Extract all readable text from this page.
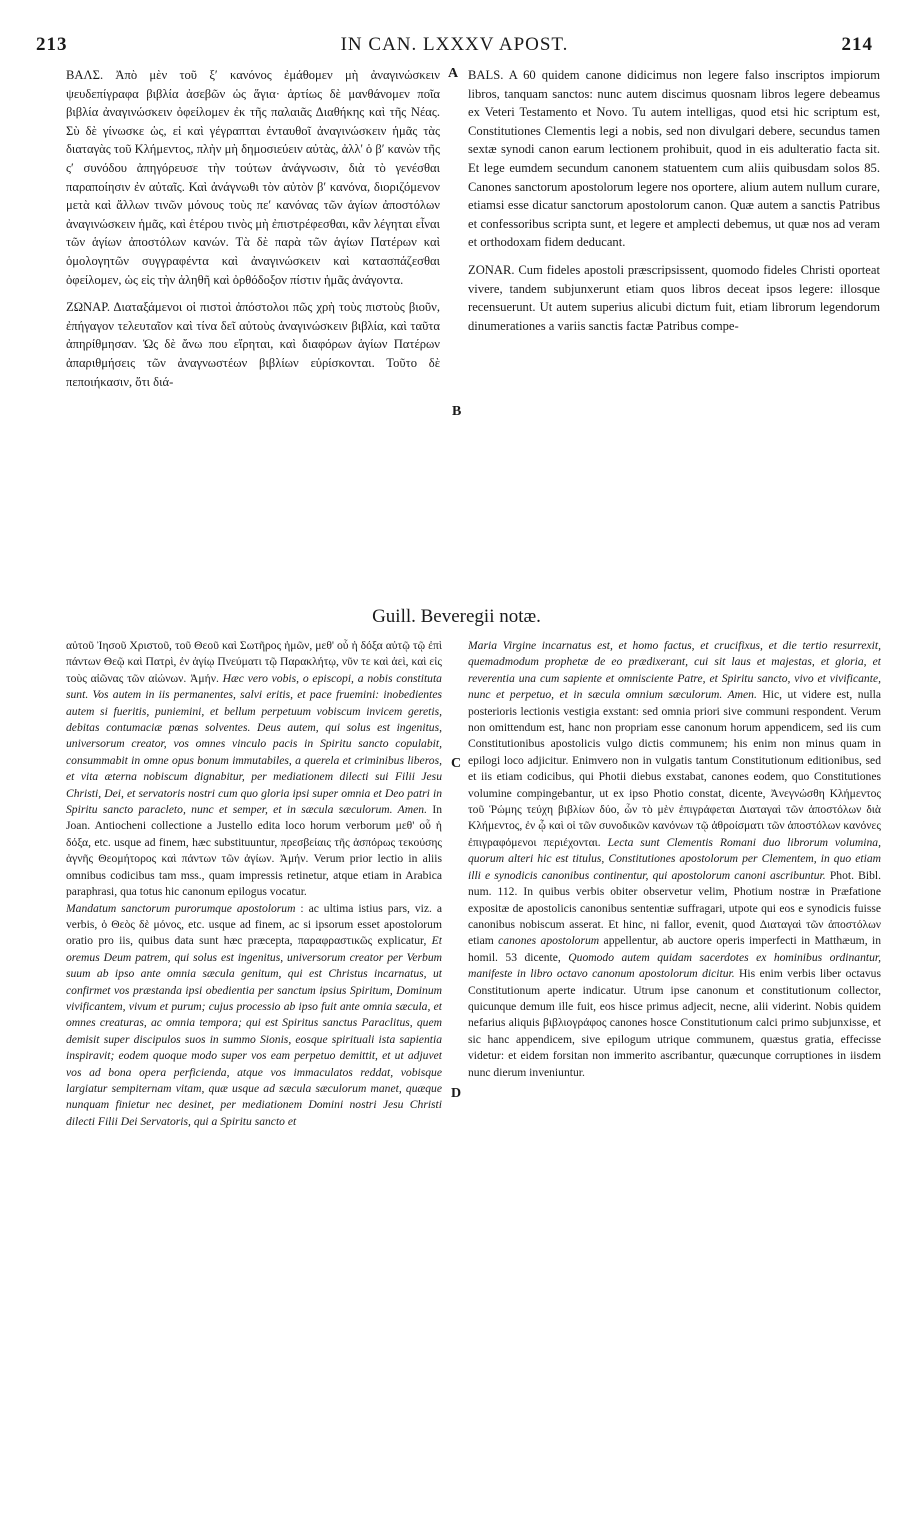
213	IN CAN. LXXXV APOST.	214

ΒΑΛΣ. Ἀπὸ μὲν τοῦ ξʹ κανόνος ἐμάθομεν μὴ ἀναγινώσκειν ψευδεπίγραφα βιβλία ἀσεβῶν ὡς ἅγια· ἀρτίως δὲ μανθάνομεν ποῖα βιβλία ἀναγινώσκειν ὀφείλομεν ἐκ τῆς παλαιᾶς Διαθήκης καὶ τῆς Νέας. Σὺ δὲ γίνωσκε ὡς, εἰ καὶ γέγραπται ἐνταυθοῖ ἀναγινώσκειν ἡμᾶς τὰς διαταγὰς τοῦ Κλήμεντος, πλὴν μὴ δημοσιεύειν αὐτὰς, ἀλλ' ὁ βʹ κανὼν τῆς ςʹ συνόδου ἀπηγόρευσε τὴν τούτων ἀνάγνωσιν, διὰ τὸ γενέσθαι παραποίησιν ἐν αὐταῖς. Καὶ ἀνάγνωθι τὸν αὐτὸν βʹ κανόνα, διοριζόμενον μετὰ καὶ ἄλλων τινῶν μόνους τοὺς πεʹ κανόνας τῶν ἁγίων ἀποστόλων ἀναγινώσκειν ἡμᾶς, καὶ ἑτέρου τινὸς μὴ ἐπιστρέφεσθαι, κἂν λέγηται εἶναι τῶν ἁγίων ἀποστόλων κανών. Τὰ δὲ παρὰ τῶν ἁγίων Πατέρων καὶ ὁμολογητῶν συγγραφέντα καὶ ἀναγινώσκειν καὶ κατασπάζεσθαι ὀφείλομεν, ὡς εἰς τὴν ἀληθῆ καὶ ὀρθόδοξον πίστιν ἡμᾶς ἀνάγοντα.

ΖΩΝΑΡ. Διαταξάμενοι οἱ πιστοὶ ἀπόστολοι πῶς χρὴ τοὺς πιστοὺς βιοῦν, ἐπήγαγον τελευταῖον καὶ τίνα δεῖ αὐτοὺς ἀναγινώσκειν βιβλία, καὶ ταῦτα ἀπηρίθμησαν. Ὡς δὲ ἄνω που εἴρηται, καὶ διαφόρων ἁγίων Πατέρων ἀπαριθμήσεις τῶν ἀναγνωστέων βιβλίων εὑρίσκονται. Τοῦτο δὲ πεποιήκασιν, ὅτι διά-

A
B

BALS. A 60 quidem canone didicimus non legere falso inscriptos impiorum libros, tanquam sanctos: nunc autem discimus quosnam libros legere debeamus ex Veteri Testamento et Novo. Tu autem intelligas, quod etsi hic scriptum est, Constitutiones Clementis legi a nobis, sed non divulgari debere, secundus tamen sextæ synodi canon earum lectionem prohibuit, quod in eis adulteratio facta sit. Et lege eumdem secundum canonem statuentem cum aliis quibusdam solos 85. Canones sanctorum apostolorum legere nos oportere, alium autem nullum curare, etiamsi esse dicatur sanctorum apostolorum canon. Quæ autem a sanctis Patribus et confessoribus scripta sunt, et legere et amplecti debemus, ut quæ nos ad veram et orthodoxam fidem deducant.

ZONAR. Cum fideles apostoli præscripsissent, quomodo fideles Christi oporteat vivere, tandem subjunxerunt etiam quos libros deceat ipsos legere: illosque recensuerunt. Ut autem superius alicubi dictum fuit, etiam librorum legendorum dinumerationes a variis sanctis factæ Patribus compe-

Guill. Beveregii notæ.

αὐτοῦ Ἰησοῦ Χριστοῦ, τοῦ Θεοῦ καὶ Σωτῆρος ἡμῶν, μεθ' οὗ ἡ δόξα αὐτῷ τῷ ἐπὶ πάντων Θεῷ καὶ Πατρὶ, ἐν ἁγίῳ Πνεύματι τῷ Παρακλήτῳ, νῦν τε καὶ ἀεὶ, καὶ εἰς τοὺς αἰῶνας τῶν αἰώνων. Ἀμήν. Hæc vero vobis, o episcopi, a nobis constituta sunt. Vos autem in iis permanentes, salvi eritis, et pace fruemini: inobedientes autem si fueritis, puniemini, et bellum perpetuum vobiscum invicem geretis, debitas contumaciæ pœnas solventes. Deus autem, qui solus est ingenitus, universorum creator, vos omnes vinculo pacis in Spiritu sancto copulabit, consummabit in omne opus bonum immutabiles, a querela et criminibus liberos, et vita æterna nobiscum dignabitur, per mediationem dilecti sui Filii Jesu Christi, Dei, et servatoris nostri cum quo gloria ipsi super omnia et Deo patri in Spiritu sancto paracleto, nunc et semper, et in sæcula sæculorum. Amen. In Joan. Antiocheni collectione a Justello edita loco horum verborum μεθ' οὗ ἡ δόξα, etc. usque ad finem, hæc substituuntur, πρεσβείαις τῆς ἀσπόρως τεκούσης ἁγνῆς Θεομήτορος καὶ πάντων τῶν ἁγίων. Ἀμήν. Verum prior lectio in aliis omnibus codicibus tam mss., quam impressis retinetur, atque etiam in Arabica paraphrasi, qua totus hic canonum epilogus vocatur.

Mandatum sanctorum purorumque apostolorum : ac ultima istius pars, viz. a verbis, ὁ Θεὸς δὲ μόνος, etc. usque ad finem, ac si ipsorum esset apostolorum oratio pro iis, quibus data sunt hæc præcepta, παραφραστικῶς explicatur, Et oremus Deum patrem, qui solus est ingenitus, universorum creator per Verbum suum ab ipso ante omnia sæcula genitum, qui est Christus incarnatus, ut confirmet vos præstanda ipsi obedientia per sanctum ipsius Spiritum, Dominum vivificantem, vivum et purum; cujus processio ab ipso fuit ante omnia sæcula, et omnes creaturas, ac omnia tempora; qui est Spiritus sanctus Paraclitus, quem demisit super discipulos suos in summo Sionis, eosque spirituali ista sapientia inspiravit; eodem quoque modo super vos eam perpetuo demittit, et ut adjuvet vos ad bona opera perficienda, atque vos immaculatos reddat, vobisque largiatur sempiternam vitam, quæ usque ad sæcula sæculorum manet, quæque nunquam finietur nec desinet, per mediationem Domini nostri Jesu Christi dilecti Filii Dei Servatoris, qui a Spiritu sancto et

C
D

Maria Virgine incarnatus est, et homo factus, et crucifixus, et die tertio resurrexit, quemadmodum prophetæ de eo prædixerant, cui sit laus et majestas, et gloria, et reverentia una cum sapiente et omnisciente Patre, et Spiritu sancto, vivo et vivificante, nunc et perpetuo, et in sæcula omnium sæculorum. Amen. Hic, ut videre est, nulla posterioris lectionis vestigia exstant: sed omnia priori sive communi respondent. Verum non omittendum est, hanc non propriam esse canonum horum appendicem, sed iis cum Constitutionibus apostolicis vulgo dictis communem; his enim non minus quam in epilogi loco adjicitur. Enimvero non in vulgatis tantum Constitutionum editionibus, sed et iis etiam codicibus, qui Photii diebus exstabat, canones eodem, quo Constitutiones volumine compingebantur, ut ex ipso Photio constat, dicente, Ἀνεγνώσθη Κλήμεντος τοῦ Ῥώμης τεύχη βιβλίων δύο, ὧν τὸ μὲν ἐπιγράφεται Διαταγαὶ τῶν ἀποστόλων διὰ Κλήμεντος, ἐν ᾧ καὶ οἱ τῶν συνοδικῶν κανόνων τῷ ἀθροίσματι τῶν ἀποστόλων κανόνες ἐπιγραφόμενοι περιέχονται. Lecta sunt Clementis Romani duo librorum volumina, quorum alteri hic est titulus, Constitutiones apostolorum per Clementem, in quo etiam illi e synodicis canonibus continentur, qui apostolorum canoni ascribuntur. Phot. Bibl. num. 112. In quibus verbis obiter observetur velim, Photium nostræ in Præfatione expositæ de apostolicis canonibus sententiæ suffragari, utpote qui eos e synodicis fuisse canonibus nobiscum asserat. Et hinc, ni fallor, evenit, quod Διαταγαὶ τῶν ἀποστόλων etiam canones apostolorum appellentur, ab auctore operis imperfecti in Matthæum, in homil. 53 dicente, Quomodo autem quidam sacerdotes ex hominibus ordinantur, manifeste in libro octavo canonum apostolorum dicitur. His enim verbis liber octavus Constitutionum aperte indicatur. Utrum ipse canonum et constitutionum collector, quicunque demum ille fuit, eos hisce primus adjecit, necne, alii viderint. Nobis quidem nefarius aliquis βιβλιογράφος canones hosce Constitutionum calci primo subjunxisse, et sic hanc appendicem, sive epilogum utrique communem, quæstus gratia, effecisse videtur: et eidem forsitan non immerito ascribantur, quæcunque corruptiones in iisdem nunc dierum inveniuntur.
